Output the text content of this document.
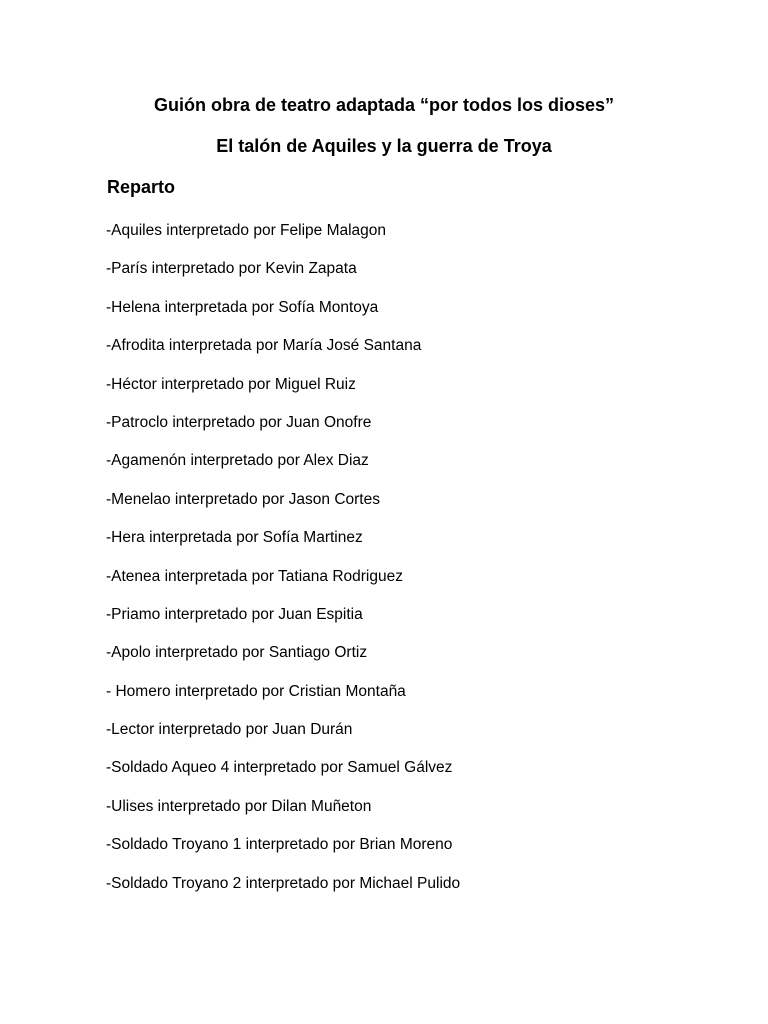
Guión obra de teatro adaptada “por todos los dioses”
El talón de Aquiles y la guerra de Troya
Reparto
-Aquiles interpretado por Felipe Malagon
-París interpretado por Kevin Zapata
-Helena interpretada por Sofía Montoya
-Afrodita interpretada por María José Santana
-Héctor interpretado por Miguel Ruiz
-Patroclo interpretado por Juan Onofre
-Agamenón interpretado por Alex Diaz
-Menelao interpretado por Jason Cortes
-Hera interpretada por Sofía Martinez
-Atenea interpretada por Tatiana Rodriguez
-Priamo interpretado por Juan Espitia
-Apolo interpretado por Santiago Ortiz
- Homero interpretado por Cristian Montaña
-Lector interpretado por Juan Durán
-Soldado Aqueo 4 interpretado por Samuel Gálvez
-Ulises interpretado por Dilan Muñeton
-Soldado Troyano 1 interpretado por Brian Moreno
-Soldado Troyano 2 interpretado por Michael Pulido
